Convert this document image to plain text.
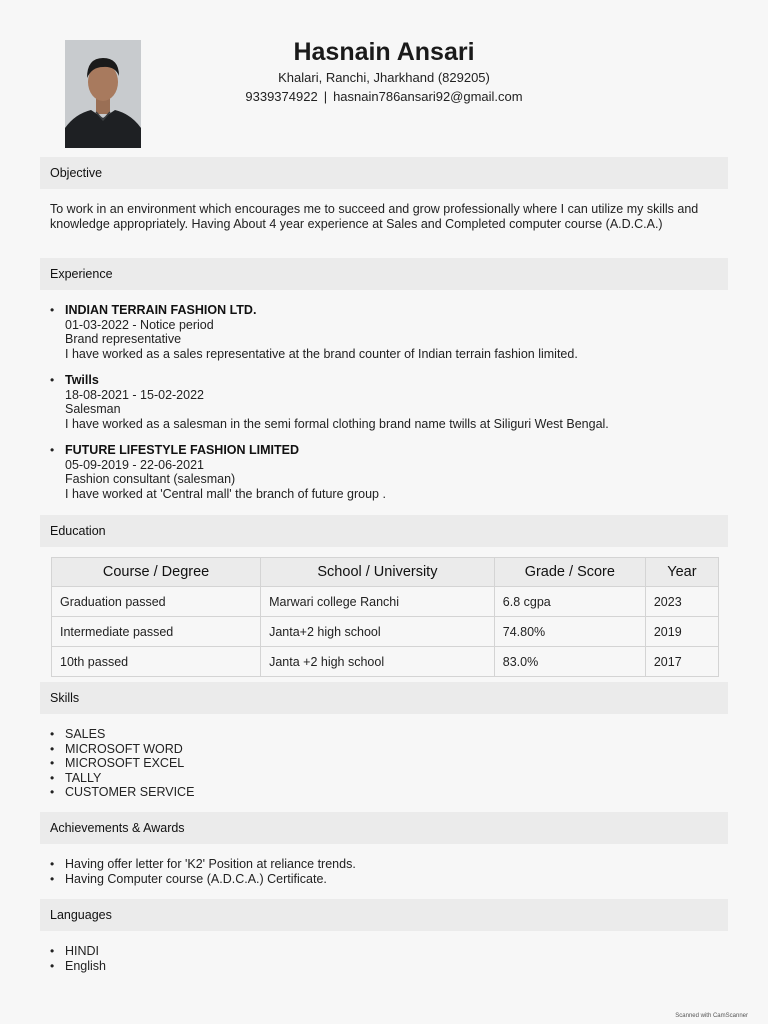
Hasnain Ansari
Khalari, Ranchi, Jharkhand (829205)
9339374922 | hasnain786ansari92@gmail.com
Objective
To work in an environment which encourages me to succeed and grow professionally where I can utilize my skills and knowledge appropriately. Having About 4 year experience at Sales and Completed computer course (A.D.C.A.)
Experience
• INDIAN TERRAIN FASHION LTD.
01-03-2022 - Notice period
Brand representative
I have worked as a sales representative at the brand counter of Indian terrain fashion limited.
• Twills
18-08-2021 - 15-02-2022
Salesman
I have worked as a salesman in the semi formal clothing brand name twills at Siliguri West Bengal.
• FUTURE LIFESTYLE FASHION LIMITED
05-09-2019 - 22-06-2021
Fashion consultant (salesman)
I have worked at 'Central mall' the branch of future group .
Education
Course / Degree	School / University	Grade / Score	Year
Graduation passed	Marwari college Ranchi	6.8 cgpa	2023
Intermediate passed	Janta+2 high school	74.80%	2019
10th passed	Janta +2 high school	83.0%	2017
Skills
• SALES
• MICROSOFT WORD
• MICROSOFT EXCEL
• TALLY
• CUSTOMER SERVICE
Achievements & Awards
• Having offer letter for 'K2' Position at reliance trends.
• Having Computer course (A.D.C.A.) Certificate.
Languages
• HINDI
• English
Scanned with CamScanner
